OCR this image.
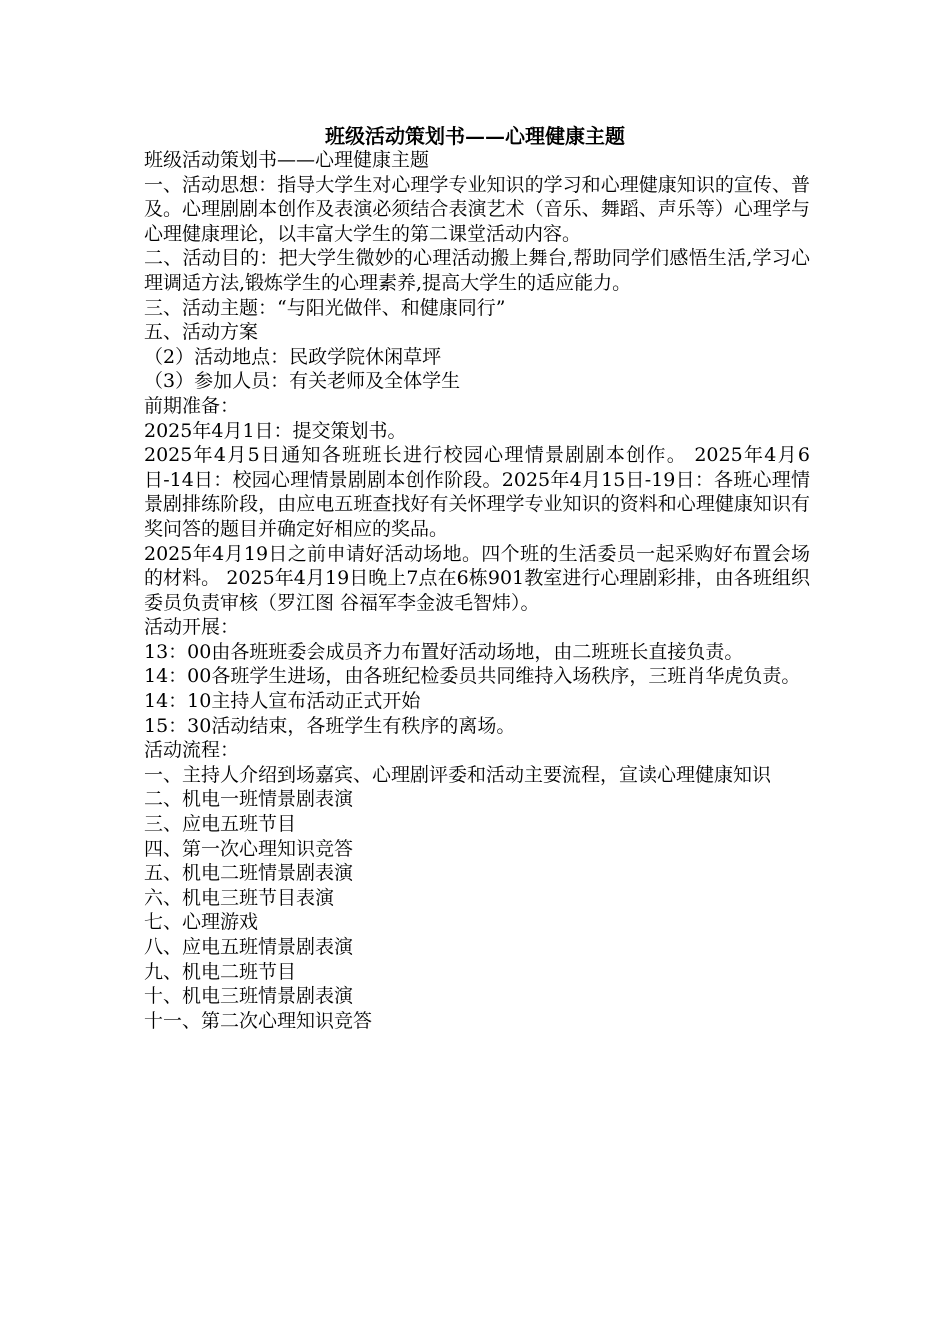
班级活动策划书——心理健康主题

班级活动策划书——心理健康主题

一、活动思想：指导大学生对心理学专业知识的学习和心理健康知识的宣传、普及。心理剧剧本创作及表演必须结合表演艺术（音乐、舞蹈、声乐等）心理学与心理健康理论，以丰富大学生的第二课堂活动内容。

二、活动目的：把大学生微妙的心理活动搬上舞台,帮助同学们感悟生活,学习心理调适方法,锻炼学生的心理素养,提高大学生的适应能力。

三、活动主题：“与阳光做伴、和健康同行”

五、活动方案

（2）活动地点：民政学院休闲草坪

（3）参加人员：有关老师及全体学生

前期准备：

2025年4月1日：提交策划书。

2025年4月5日通知各班班长进行校园心理情景剧剧本创作。 2025年4月6日-14日：校园心理情景剧剧本创作阶段。2025年4月15日-19日：各班心理情景剧排练阶段，由应电五班查找好有关怀理学专业知识的资料和心理健康知识有奖问答的题目并确定好相应的奖品。

2025年4月19日之前申请好活动场地。四个班的生活委员一起采购好布置会场的材料。 2025年4月19日晚上7点在6栋901教室进行心理剧彩排，由各班组织委员负责审核（罗江图 谷福军李金波毛智炜）。

活动开展：

13：00由各班班委会成员齐力布置好活动场地，由二班班长直接负责。

14：00各班学生进场，由各班纪检委员共同维持入场秩序，三班肖华虎负责。

14：10主持人宣布活动正式开始

15：30活动结束，各班学生有秩序的离场。

活动流程：

一、主持人介绍到场嘉宾、心理剧评委和活动主要流程，宣读心理健康知识

二、机电一班情景剧表演

三、应电五班节目

四、第一次心理知识竞答

五、机电二班情景剧表演

六、机电三班节目表演

七、心理游戏

八、应电五班情景剧表演

九、机电二班节目

十、机电三班情景剧表演

十一、第二次心理知识竞答
